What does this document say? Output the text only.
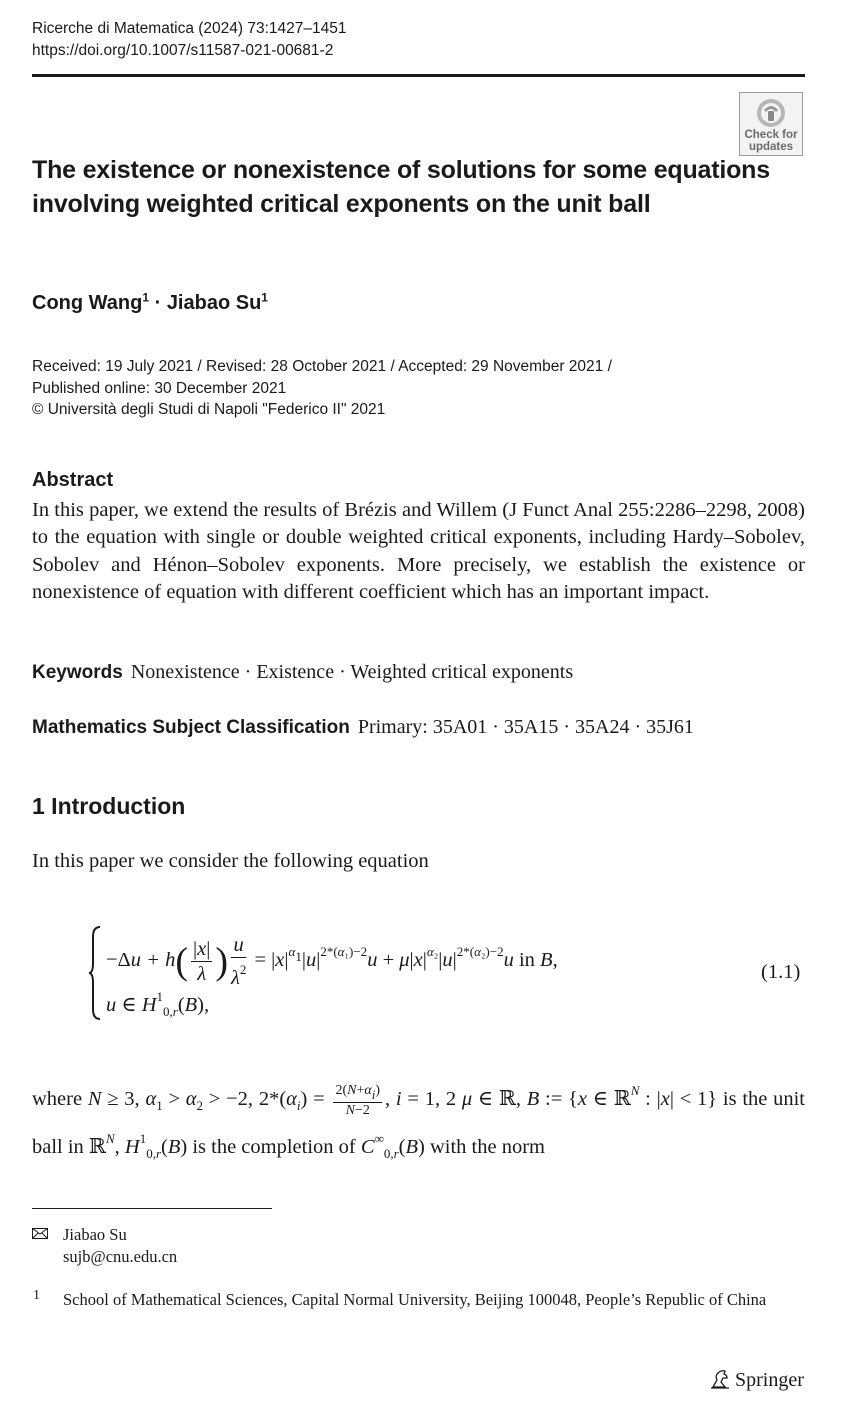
Ricerche di Matematica (2024) 73:1427–1451
https://doi.org/10.1007/s11587-021-00681-2
Check for
updates
The existence or nonexistence of solutions for some equations involving weighted critical exponents on the unit ball
Cong Wang$^1$ · Jiabao Su$^1$
Received: 19 July 2021 / Revised: 28 October 2021 / Accepted: 29 November 2021 /
Published online: 30 December 2021
© Università degli Studi di Napoli "Federico II" 2021
Abstract
In this paper, we extend the results of Brézis and Willem (J Funct Anal 255:2286–2298, 2008) to the equation with single or double weighted critical exponents, including Hardy–Sobolev, Sobolev and Hénon–Sobolev exponents. More precisely, we establish the existence or nonexistence of equation with different coefficient which has an important impact.
Keywords Nonexistence · Existence · Weighted critical exponents
Mathematics Subject Classification Primary: 35A01 · 35A15 · 35A24 · 35J61
1 Introduction
In this paper we consider the following equation
$-\Delta u + h( \frac{|x|}{\lambda}$ ) $\frac{u}{\lambda^2} = |x|^{\alpha_1}|u|^{2*(\alpha_1)-2}u + \mu|x|^{\alpha_2}|u|^{2*(\alpha_2)-2}u$ in B,
u ∈ $H^1_{0,r}(B)$,
(1.1)
where N ≥ 3, $\alpha_1 > \alpha_2 > -2$, $2*(\alpha_i) = \frac{2(N+\alpha_i)}{N-2}$ , i = 1, 2 μ ∈ ℝ, B := {x ∈ ℝ$^N$ : |x| < 1} is the unit ball in ℝ$^N$, $H^1_{0,r}(B)$ is the completion of $C^\infty_{0,r}(B)$ with the norm
Jiabao Su
sujb@cnu.edu.cn
1 School of Mathematical Sciences, Capital Normal University, Beijing 100048, People’s Republic of China
Springer
